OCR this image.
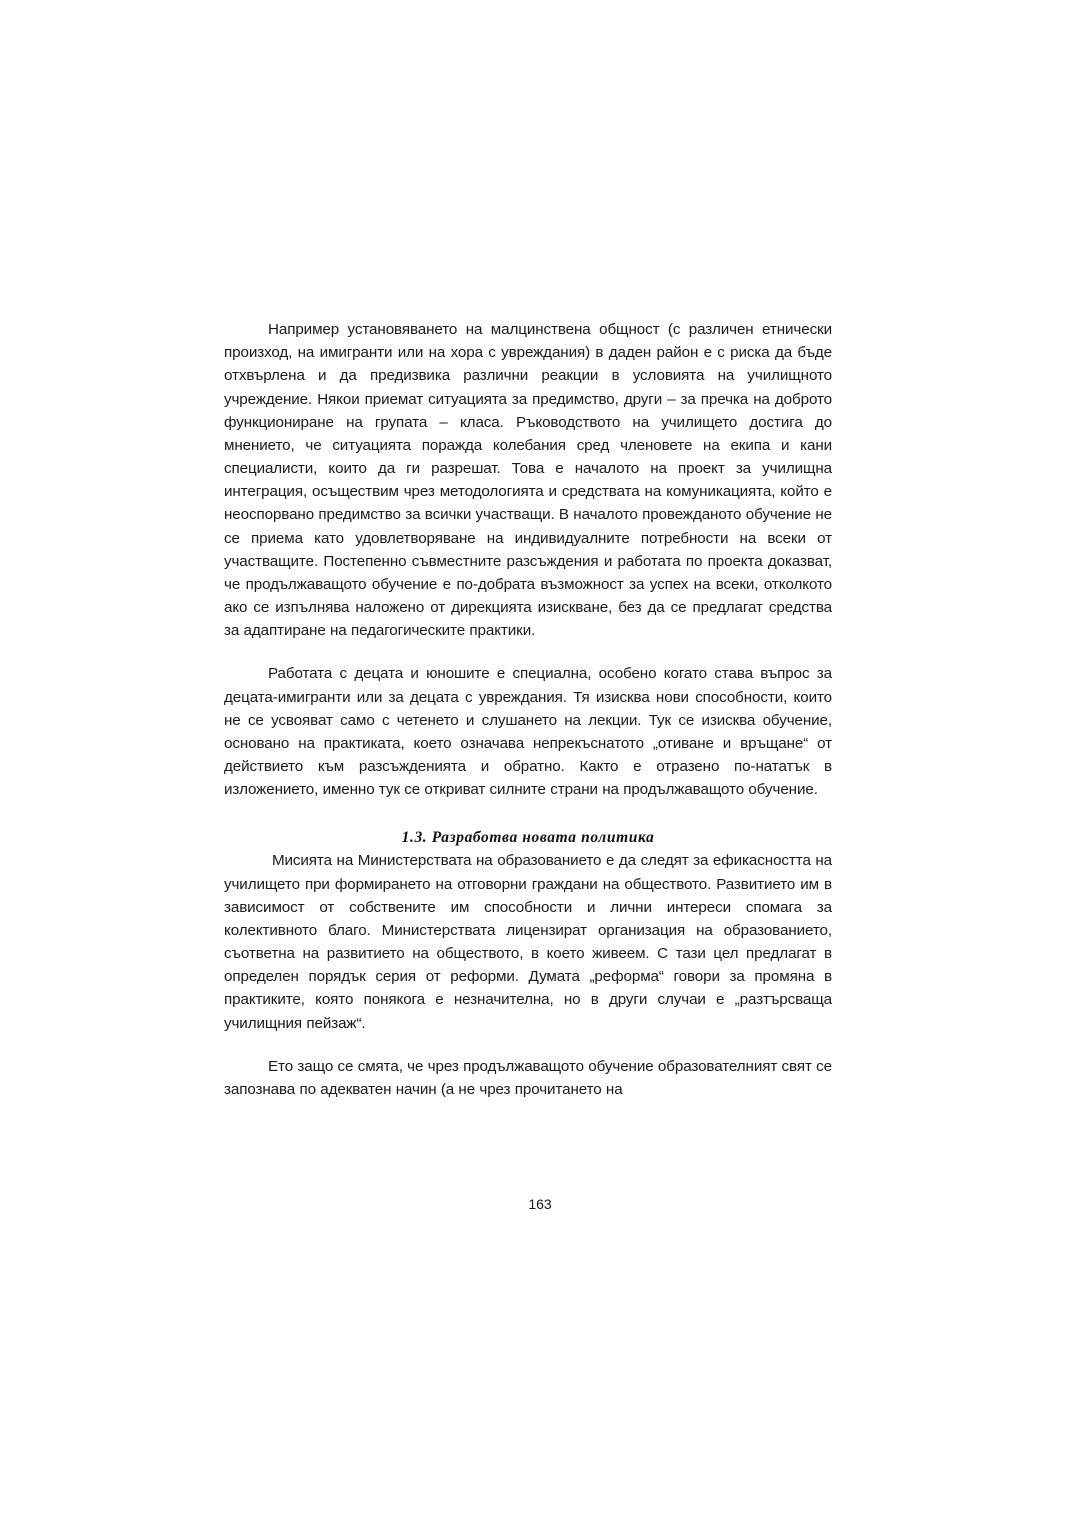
Например установяването на малцинствена общност (с различен етнически произход, на имигранти или на хора с увреждания) в даден район е с риска да бъде отхвърлена и да предизвика различни реакции в условията на училищното учреждение. Някои приемат ситуацията за предимство, други – за пречка на доброто функциониране на групата – класа. Ръководството на училището достига до мнението, че ситуацията поражда колебания сред членовете на екипа и кани специалисти, които да ги разрешат. Това е началото на проект за училищна интеграция, осъществим чрез методологията и средствата на комуникацията, който е неоспорвано предимство за всички участващи. В началото провежданото обучение не се приема като удовлетворяване на индивидуалните потребности на всеки от участващите. Постепенно съвместните разсъждения и работата по проекта доказват, че продължаващото обучение е по-добрата възможност за успех на всеки, отколкото ако се изпълнява наложено от дирекцията изискване, без да се предлагат средства за адаптиране на педагогическите практики.

Работата с децата и юношите е специална, особено когато става въпрос за децата-имигранти или за децата с увреждания. Тя изисква нови способности, които не се усвояват само с четенето и слушането на лекции. Тук се изисква обучение, основано на практиката, което означава непрекъснатото „отиване и връщане“ от действието към разсъжденията и обратно. Както е отразено по-нататък в изложението, именно тук се откриват силните страни на продължаващото обучение.

1.3. Разработва новата политика

Мисията на Министерствата на образованието е да следят за ефикасността на училището при формирането на отговорни граждани на обществото. Развитието им в зависимост от собствените им способности и лични интереси спомага за колективното благо. Министерствата лицензират организация на образованието, съответна на развитието на обществото, в което живеем. С тази цел предлагат в определен порядък серия от реформи. Думата „реформа“ говори за промяна в практиките, която понякога е незначителна, но в други случаи е „разтърсваща училищния пейзаж“.

Ето защо се смята, че чрез продължаващото обучение образователният свят се запознава по адекватен начин (а не чрез прочитането на

163
